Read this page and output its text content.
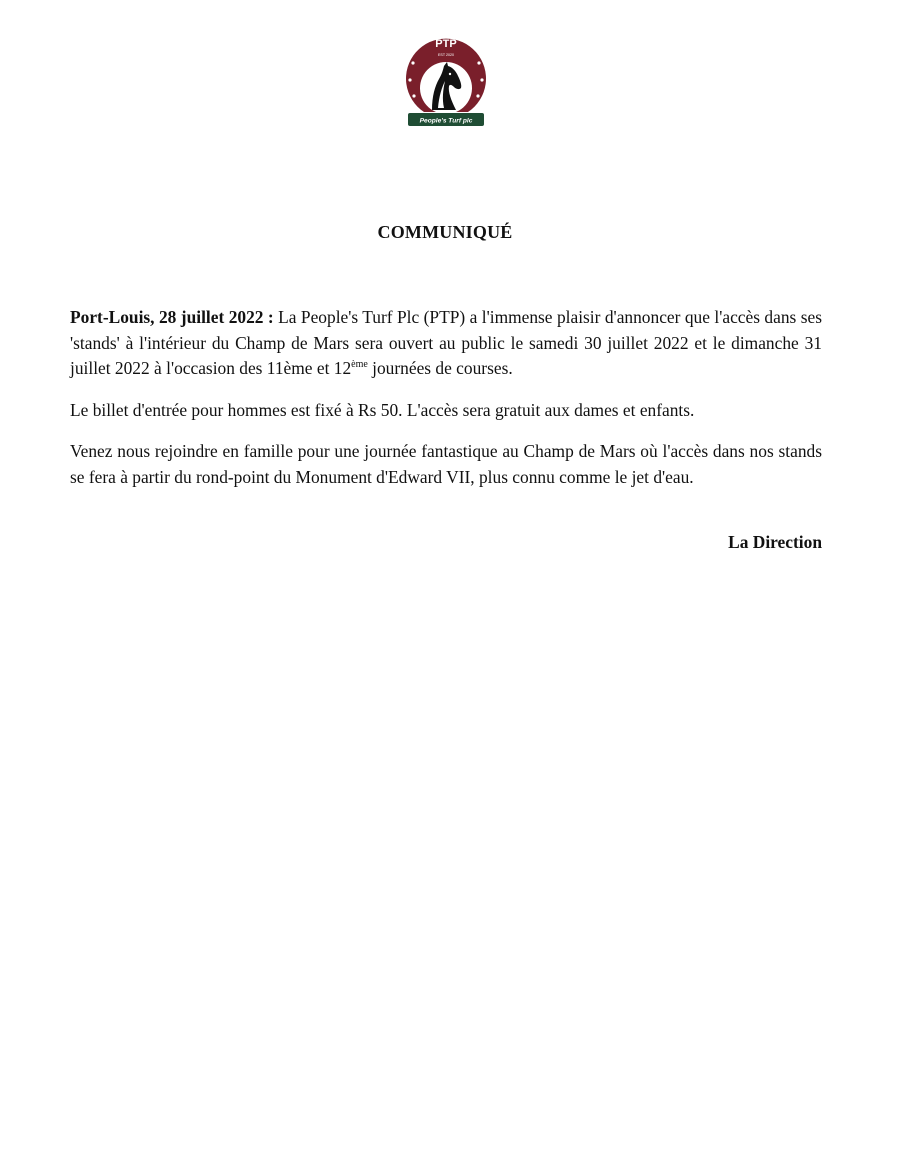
PTP
EST 2020
People's Turf plc
COMMUNIQUÉ

Port-Louis, 28 juillet 2022 : La People's Turf Plc (PTP) a l'immense plaisir d'annoncer que l'accès dans ses 'stands' à l'intérieur du Champ de Mars sera ouvert au public le samedi 30 juillet 2022 et le dimanche 31 juillet 2022 à l'occasion des 11ème et 12ème journées de courses.

Le billet d'entrée pour hommes est fixé à Rs 50. L'accès sera gratuit aux dames et enfants.

Venez nous rejoindre en famille pour une journée fantastique au Champ de Mars où l'accès dans nos stands se fera à partir du rond-point du Monument d'Edward VII, plus connu comme le jet d'eau.

La Direction
